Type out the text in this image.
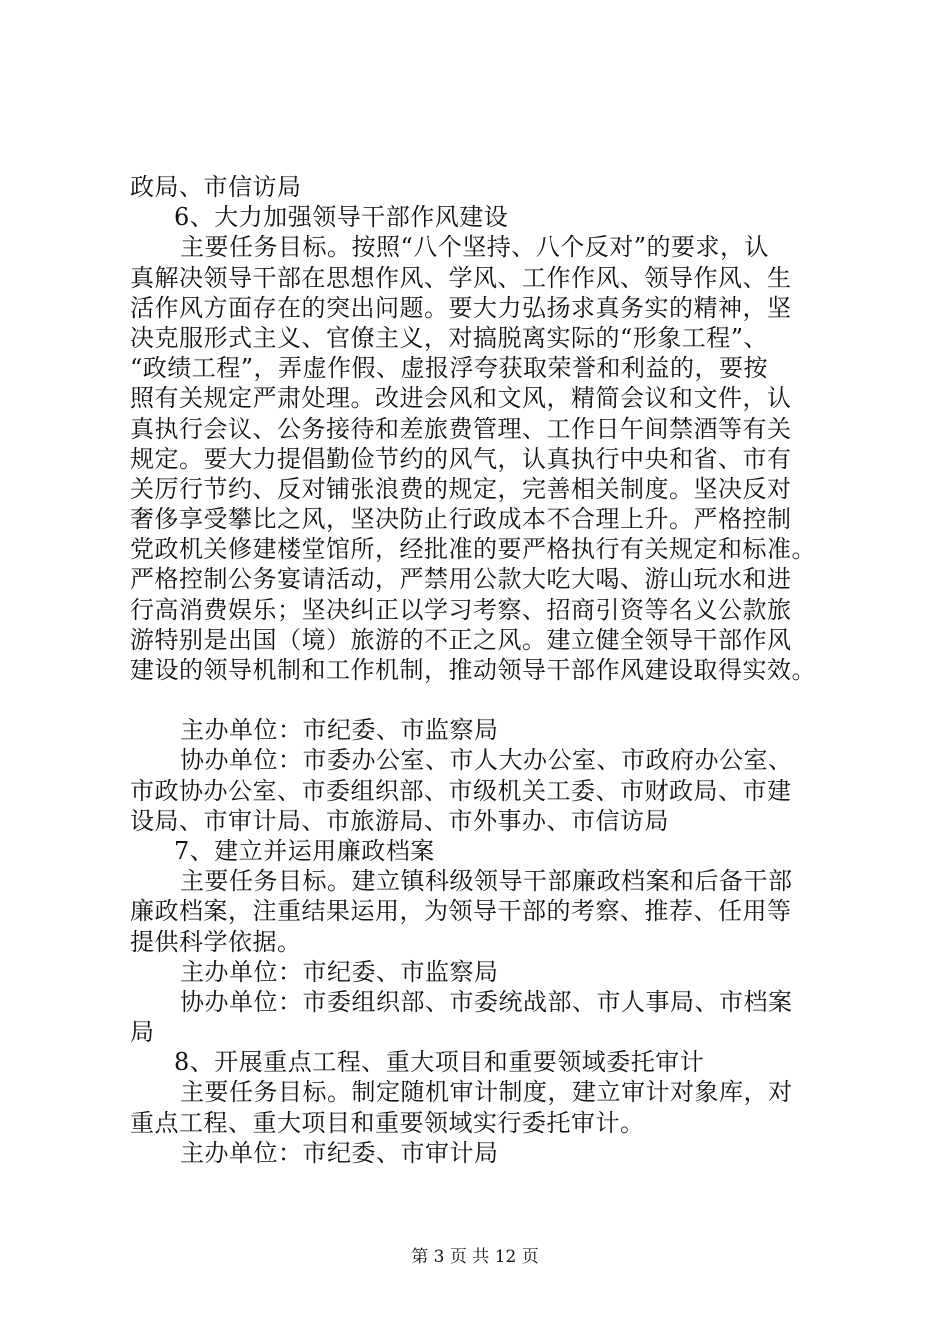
政局、市信访局
6、大力加强领导干部作风建设
主要任务目标。按照“八个坚持、八个反对”的要求，认
真解决领导干部在思想作风、学风、工作作风、领导作风、生
活作风方面存在的突出问题。要大力弘扬求真务实的精神，坚
决克服形式主义、官僚主义，对搞脱离实际的“形象工程”、
“政绩工程”，弄虚作假、虚报浮夸获取荣誉和利益的，要按
照有关规定严肃处理。改进会风和文风，精简会议和文件，认
真执行会议、公务接待和差旅费管理、工作日午间禁酒等有关
规定。要大力提倡勤俭节约的风气，认真执行中央和省、市有
关厉行节约、反对铺张浪费的规定，完善相关制度。坚决反对
奢侈享受攀比之风，坚决防止行政成本不合理上升。严格控制
党政机关修建楼堂馆所，经批准的要严格执行有关规定和标准。
严格控制公务宴请活动，严禁用公款大吃大喝、游山玩水和进
行高消费娱乐；坚决纠正以学习考察、招商引资等名义公款旅
游特别是出国（境）旅游的不正之风。建立健全领导干部作风
建设的领导机制和工作机制，推动领导干部作风建设取得实效。
主办单位：市纪委、市监察局
协办单位：市委办公室、市人大办公室、市政府办公室、
市政协办公室、市委组织部、市级机关工委、市财政局、市建
设局、市审计局、市旅游局、市外事办、市信访局
7、建立并运用廉政档案
主要任务目标。建立镇科级领导干部廉政档案和后备干部
廉政档案，注重结果运用，为领导干部的考察、推荐、任用等
提供科学依据。
主办单位：市纪委、市监察局
协办单位：市委组织部、市委统战部、市人事局、市档案
局
8、开展重点工程、重大项目和重要领域委托审计
主要任务目标。制定随机审计制度，建立审计对象库，对
重点工程、重大项目和重要领域实行委托审计。
主办单位：市纪委、市审计局
第 3 页 共 12 页
